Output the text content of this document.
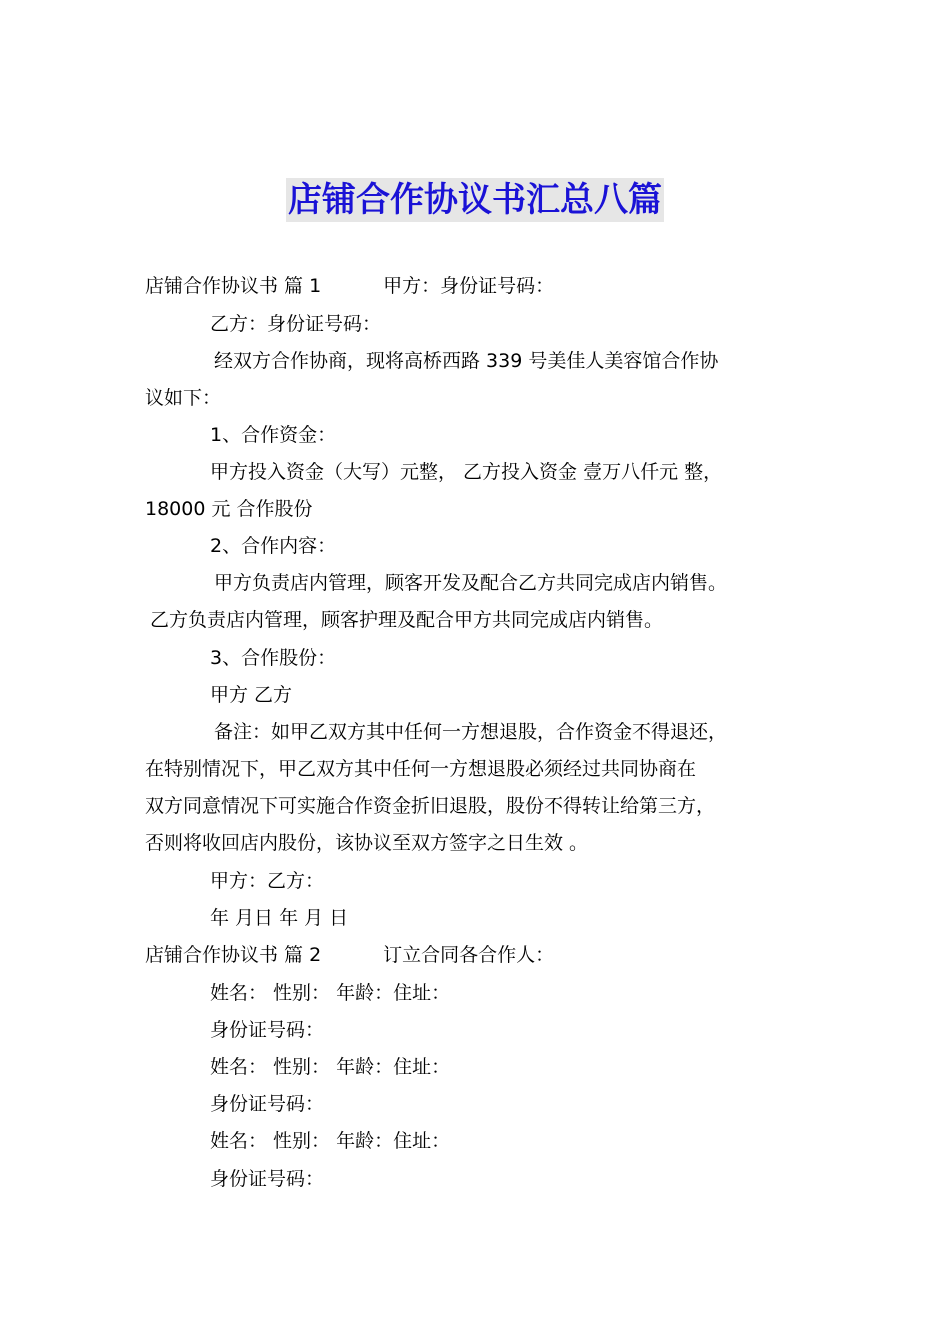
店铺合作协议书汇总八篇
店铺合作协议书 篇 1	甲方：身份证号码：
乙方：身份证号码：
经双方合作协商，现将高桥西路 339 号美佳人美容馆合作协
议如下：
1、合作资金：
甲方投入资金（大写）元整， 乙方投入资金 壹万八仟元 整，
18000 元 合作股份
2、合作内容：
甲方负责店内管理，顾客开发及配合乙方共同完成店内销售。
乙方负责店内管理，顾客护理及配合甲方共同完成店内销售。
3、合作股份：
甲方 乙方
备注：如甲乙双方其中任何一方想退股，合作资金不得退还，
在特别情况下，甲乙双方其中任何一方想退股必须经过共同协商在
双方同意情况下可实施合作资金折旧退股，股份不得转让给第三方，
否则将收回店内股份，该协议至双方签字之日生效 。
甲方：乙方：
年 月日 年 月 日
店铺合作协议书 篇 2	订立合同各合作人：
姓名： 性别： 年龄：住址：
身份证号码：
姓名： 性别： 年龄：住址：
身份证号码：
姓名： 性别： 年龄：住址：
身份证号码：
